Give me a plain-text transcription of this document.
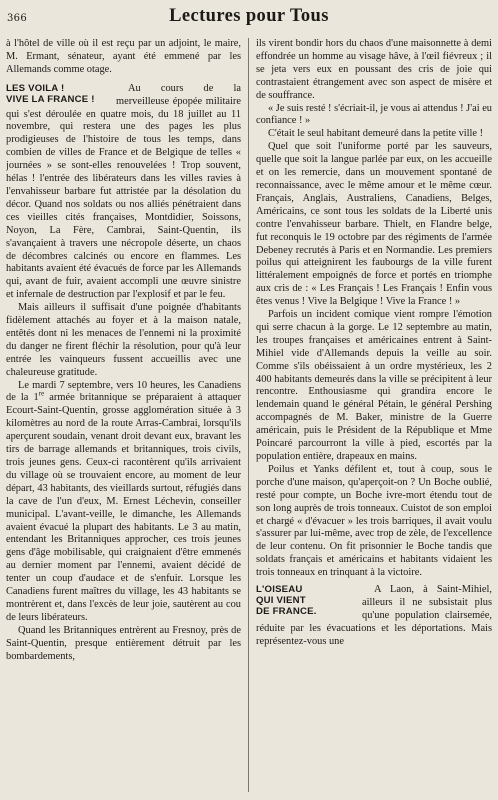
366	Lectures pour Tous

à l'hôtel de ville où il est reçu par un adjoint, le maire, M. Ermant, sénateur, ayant été emmené par les Allemands comme otage.

LES VOILA !
VIVE LA FRANCE !

Au cours de la merveilleuse épopée militaire qui s'est déroulée en quatre mois, du 18 juillet au 11 novembre, qui restera une des pages les plus prodigieuses de l'histoire de tous les temps, dans combien de villes de France et de Belgique de telles « journées » se sont-elles renouvelées ! Trop souvent, hélas ! l'entrée des libérateurs dans les villes ravies à l'envahisseur barbare fut attristée par la désolation du décor. Quand nos soldats ou nos alliés pénétraient dans ces vieilles cités françaises, Montdidier, Soissons, Noyon, La Fère, Cambrai, Saint-Quentin, ils s'avançaient à travers une nécropole déserte, un chaos de décombres calcinés ou encore en flammes. Les habitants avaient été évacués de force par les Allemands qui, avant de fuir, avaient accompli une œuvre sinistre et infernale de destruction par l'explosif et par le feu.

Mais ailleurs il suffisait d'une poignée d'habitants fidèlement attachés au foyer et à la maison natale, entêtés dont ni les menaces de l'ennemi ni la proximité du danger ne firent fléchir la résolution, pour qu'à leur entrée les vainqueurs fussent accueillis avec une chaleureuse gratitude.

Le mardi 7 septembre, vers 10 heures, les Canadiens de la 1re armée britannique se préparaient à attaquer Ecourt-Saint-Quentin, grosse agglomération située à 3 kilomètres au nord de la route Arras-Cambrai, lorsqu'ils aperçurent soudain, venant droit devant eux, bravant les tirs de barrage allemands et britanniques, trois civils, trois jeunes gens. Ceux-ci racontèrent qu'ils arrivaient du village où se trouvaient encore, au moment de leur départ, 43 habitants, des vieillards surtout, réfugiés dans la cave de l'un d'eux, M. Ernest Léchevin, conseiller municipal. L'avant-veille, le dimanche, les Allemands avaient évacué la plupart des habitants. Le 3 au matin, entendant les Britanniques approcher, ces trois jeunes gens d'âge mobilisable, qui craignaient d'être emmenés au dernier moment par l'ennemi, avaient décidé de tenter un coup d'audace et de s'enfuir. Lorsque les Canadiens furent maîtres du village, les 43 habitants se montrèrent et, dans l'excès de leur joie, sautèrent au cou de leurs libérateurs.

Quand les Britanniques entrèrent au Fresnoy, près de Saint-Quentin, presque entièrement détruit par les bombardements,

ils virent bondir hors du chaos d'une maisonnette à demi effondrée un homme au visage hâve, à l'œil fiévreux ; il se jeta vers eux en poussant des cris de joie qui contrastaient étrangement avec son aspect de misère et de souffrance.

« Je suis resté ! s'écriait-il, je vous ai attendus ! J'ai eu confiance ! »

C'était le seul habitant demeuré dans la petite ville !

Quel que soit l'uniforme porté par les sauveurs, quelle que soit la langue parlée par eux, on les accueille et on les remercie, dans un mouvement spontané de reconnaissance, avec le même amour et le même cœur. Français, Anglais, Australiens, Canadiens, Belges, Américains, ce sont tous les soldats de la Liberté unis contre l'envahisseur barbare. Thielt, en Flandre belge, fut reconquis le 19 octobre par des régiments de l'armée Debeney recrutés à Paris et en Normandie. Les premiers poilus qui atteignirent les faubourgs de la ville furent littéralement empoignés de force et portés en triomphe aux cris de : « Les Français ! Les Français ! Enfin vous êtes venus ! Vive la Belgique ! Vive la France ! »

Parfois un incident comique vient rompre l'émotion qui serre chacun à la gorge. Le 12 septembre au matin, les troupes françaises et américaines entrent à Saint-Mihiel vide d'Allemands depuis la veille au soir. Comme s'ils obéissaient à un ordre mystérieux, les 2 400 habitants demeurés dans la ville se précipitent à leur rencontre. Enthousiasme qui grandira encore le lendemain quand le général Pétain, le général Pershing accompagnés de M. Baker, ministre de la Guerre américain, puis le Président de la République et Mme Poincaré parcourront la ville à pied, escortés par la population entière, drapeaux en mains.

Poilus et Yanks défilent et, tout à coup, sous le porche d'une maison, qu'aperçoit-on ? Un Boche oublié, resté pour compte, un Boche ivre-mort étendu tout de son long auprès de trois tonneaux. Cuistot de son emploi et chargé « d'évacuer » les trois barriques, il avait voulu s'assurer par lui-même, avec trop de zèle, de l'excellence de leur contenu. On fit prisonnier le Boche tandis que soldats français et américains et habitants vidaient les trois tonneaux en trinquant à la victoire.

L'OISEAU
QUI VIENT
DE FRANCE.

A Laon, à Saint-Mihiel, ailleurs il ne subsistait plus qu'une population clairsemée, réduite par les évacuations et les déportations. Mais représentez-vous une
